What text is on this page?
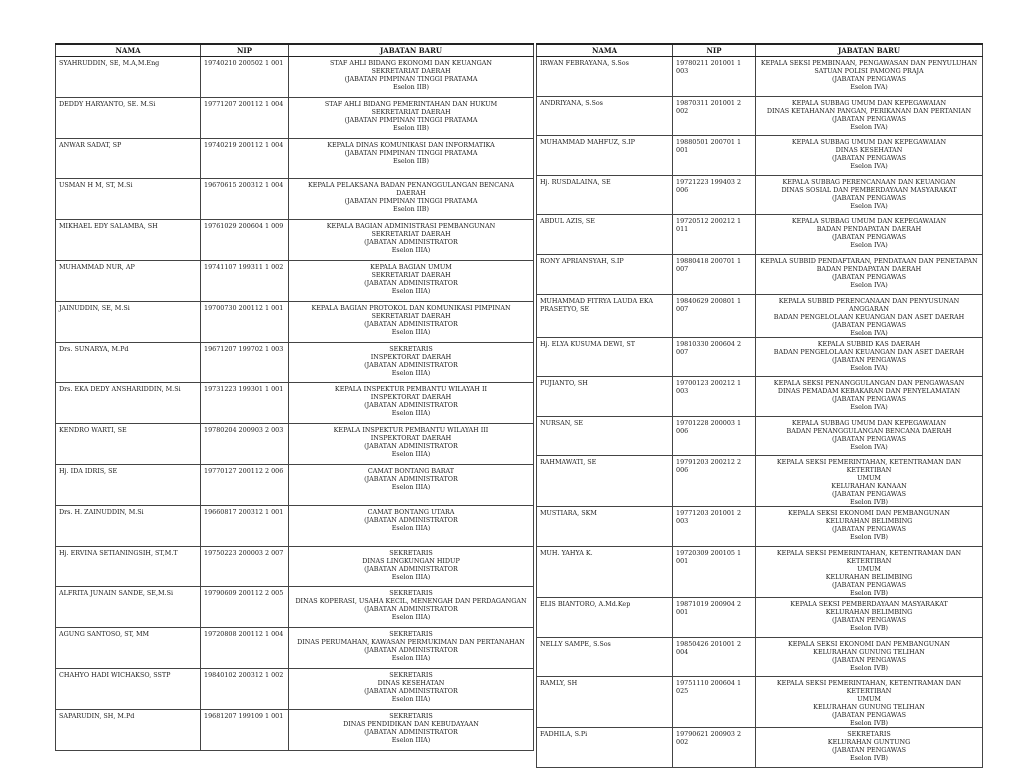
NAMA	NIP	JABATAN BARU
SYAHRUDDIN, SE, M.A,M.Eng	19740210 200502 1 001	STAF AHLI BIDANG EKONOMI DAN KEUANGAN
SEKRETARIAT DAERAH
(JABATAN PIMPINAN TINGGI PRATAMA
Eselon IIB)

DEDDY HARYANTO, SE. M.Si	19771207 200112 1 004	STAF AHLI BIDANG PEMERINTAHAN DAN HUKUM
SEKRETARIAT DAERAH
(JABATAN PIMPINAN TINGGI PRATAMA
Eselon IIB)

ANWAR SADAT, SP	19740219 200112 1 004	KEPALA DINAS KOMUNIKASI DAN INFORMATIKA
(JABATAN PIMPINAN TINGGI PRATAMA
Eselon IIB)

USMAN H M, ST, M.Si	19670615 200312 1 004	KEPALA PELAKSANA BADAN PENANGGULANGAN BENCANA
DAERAH
(JABATAN PIMPINAN TINGGI PRATAMA
Eselon IIB)

MIKHAEL EDY SALAMBA, SH	19761029 200604 1 009	KEPALA BAGIAN ADMINISTRASI PEMBANGUNAN
SEKRETARIAT DAERAH
(JABATAN ADMINISTRATOR
Eselon IIIA)

MUHAMMAD NUR, AP	19741107 199311 1 002	KEPALA BAGIAN UMUM
SEKRETARIAT DAERAH
(JABATAN ADMINISTRATOR
Eselon IIIA)

JAINUDDIN, SE, M.Si	19700730 200112 1 001	KEPALA BAGIAN PROTOKOL DAN KOMUNIKASI PIMPINAN
SEKRETARIAT DAERAH
(JABATAN ADMINISTRATOR
Eselon IIIA)

Drs. SUNARYA, M.Pd	19671207 199702 1 003	SEKRETARIS
INSPEKTORAT DAERAH
(JABATAN ADMINISTRATOR
Eselon IIIA)

Drs. EKA DEDY ANSHARIDDIN, M.Si	19731223 199301 1 001	KEPALA INSPEKTUR PEMBANTU WILAYAH II
INSPEKTORAT DAERAH
(JABATAN ADMINISTRATOR
Eselon IIIA)

KENDRO WARTI, SE	19780204 200903 2 003	KEPALA INSPEKTUR PEMBANTU WILAYAH III
INSPEKTORAT DAERAH
(JABATAN ADMINISTRATOR
Eselon IIIA)

Hj. IDA IDRIS, SE	19770127 200112 2 006	CAMAT BONTANG BARAT
(JABATAN ADMINISTRATOR
Eselon IIIA)

Drs. H. ZAINUDDIN, M.Si	19660817 200312 1 001	CAMAT BONTANG UTARA
(JABATAN ADMINISTRATOR
Eselon IIIA)

Hj. ERVINA SETIANINGSIH, ST,M.T	19750223 200003 2 007	SEKRETARIS
DINAS LINGKUNGAN HIDUP
(JABATAN ADMINISTRATOR
Eselon IIIA)

ALFRITA JUNAIN SANDE, SE,M.Si	19790609 200112 2 005	SEKRETARIS
DINAS KOPERASI, USAHA KECIL, MENENGAH DAN PERDAGANGAN
(JABATAN ADMINISTRATOR
Eselon IIIA)

AGUNG SANTOSO, ST, MM	19720808 200112 1 004	SEKRETARIS
DINAS PERUMAHAN, KAWASAN PERMUKIMAN DAN PERTANAHAN
(JABATAN ADMINISTRATOR
Eselon IIIA)

CHAHYO HADI WICHAKSO, SSTP	19840102 200312 1 002	SEKRETARIS
DINAS KESEHATAN
(JABATAN ADMINISTRATOR
Eselon IIIA)

SAPARUDIN, SH, M.Pd	19681207 199109 1 001	SEKRETARIS
DINAS PENDIDIKAN DAN KEBUDAYAAN
(JABATAN ADMINISTRATOR
Eselon IIIA)
NAMA	NIP	JABATAN BARU
IRWAN FEBRAYANA, S.Sos	19780211 201001 1 003	KEPALA SEKSI PEMBINAAN, PENGAWASAN DAN PENYULUHAN
SATUAN POLISI PAMONG PRAJA
(JABATAN PENGAWAS
Eselon IVA)

ANDRIYANA, S.Sos	19870311 201001 2 002	KEPALA SUBBAG UMUM DAN KEPEGAWAIAN
DINAS KETAHANAN PANGAN, PERIKANAN DAN PERTANIAN
(JABATAN PENGAWAS
Eselon IVA)

MUHAMMAD MAHFUZ, S.IP	19880501 200701 1 001	KEPALA SUBBAG UMUM DAN KEPEGAWAIAN
DINAS KESEHATAN
(JABATAN PENGAWAS
Eselon IVA)

Hj. RUSDALAINA, SE	19721223 199403 2 006	KEPALA SUBBAG PERENCANAAN DAN KEUANGAN
DINAS SOSIAL DAN PEMBERDAYAAN MASYARAKAT
(JABATAN PENGAWAS
Eselon IVA)

ABDUL AZIS, SE	19720512 200212 1 011	KEPALA SUBBAG UMUM DAN KEPEGAWAIAN
BADAN PENDAPATAN DAERAH
(JABATAN PENGAWAS
Eselon IVA)

RONY APRIANSYAH, S.IP	19880418 200701 1 007	KEPALA SUBBID PENDAFTARAN, PENDATAAN DAN PENETAPAN
BADAN PENDAPATAN DAERAH
(JABATAN PENGAWAS
Eselon IVA)

MUHAMMAD FITRYA LAUDA EKA PRASETYO, SE	19840629 200801 1 007	KEPALA SUBBID PERENCANAAN DAN PENYUSUNAN ANGGARAN
BADAN PENGELOLAAN KEUANGAN DAN ASET DAERAH
(JABATAN PENGAWAS
Eselon IVA)

Hj. ELYA KUSUMA DEWI, ST	19810330 200604 2 007	KEPALA SUBBID KAS DAERAH
BADAN PENGELOLAAN KEUANGAN DAN ASET DAERAH
(JABATAN PENGAWAS
Eselon IVA)

PUJIANTO, SH	19700123 200212 1 003	KEPALA SEKSI PENANGGULANGAN DAN PENGAWASAN
DINAS PEMADAM KEBAKARAN DAN PENYELAMATAN
(JABATAN PENGAWAS
Eselon IVA)

NURSAN, SE	19701228 200003 1 006	KEPALA SUBBAG UMUM DAN KEPEGAWAIAN
BADAN PENANGGULANGAN BENCANA DAERAH
(JABATAN PENGAWAS
Eselon IVA)

RAHMAWATI, SE	19791203 200212 2 006	KEPALA SEKSI PEMERINTAHAN, KETENTRAMAN DAN KETERTIBAN
UMUM
KELURAHAN KANAAN
(JABATAN PENGAWAS
Eselon IVB)

MUSTIARA, SKM	19771203 201001 2 003	KEPALA SEKSI EKONOMI DAN PEMBANGUNAN
KELURAHAN BELIMBING
(JABATAN PENGAWAS
Eselon IVB)

MUH. YAHYA K.	19720309 200105 1 001	KEPALA SEKSI PEMERINTAHAN, KETENTRAMAN DAN KETERTIBAN
UMUM
KELURAHAN BELIMBING
(JABATAN PENGAWAS
Eselon IVB)

ELIS BIANTORO, A.Md.Kep	19871019 200904 2 001	KEPALA SEKSI PEMBERDAYAAN MASYARAKAT
KELURAHAN BELIMBING
(JABATAN PENGAWAS
Eselon IVB)

NELLY SAMPE, S.Sos	19850426 201001 2 004	KEPALA SEKSI EKONOMI DAN PEMBANGUNAN
KELURAHAN GUNUNG TELIHAN
(JABATAN PENGAWAS
Eselon IVB)

RAMLY, SH	19751110 200604 1 025	KEPALA SEKSI PEMERINTAHAN, KETENTRAMAN DAN KETERTIBAN
UMUM
KELURAHAN GUNUNG TELIHAN
(JABATAN PENGAWAS
Eselon IVB)

FADHILA, S.Pi	19790621 200903 2 002	SEKRETARIS
KELURAHAN GUNTUNG
(JABATAN PENGAWAS
Eselon IVB)
